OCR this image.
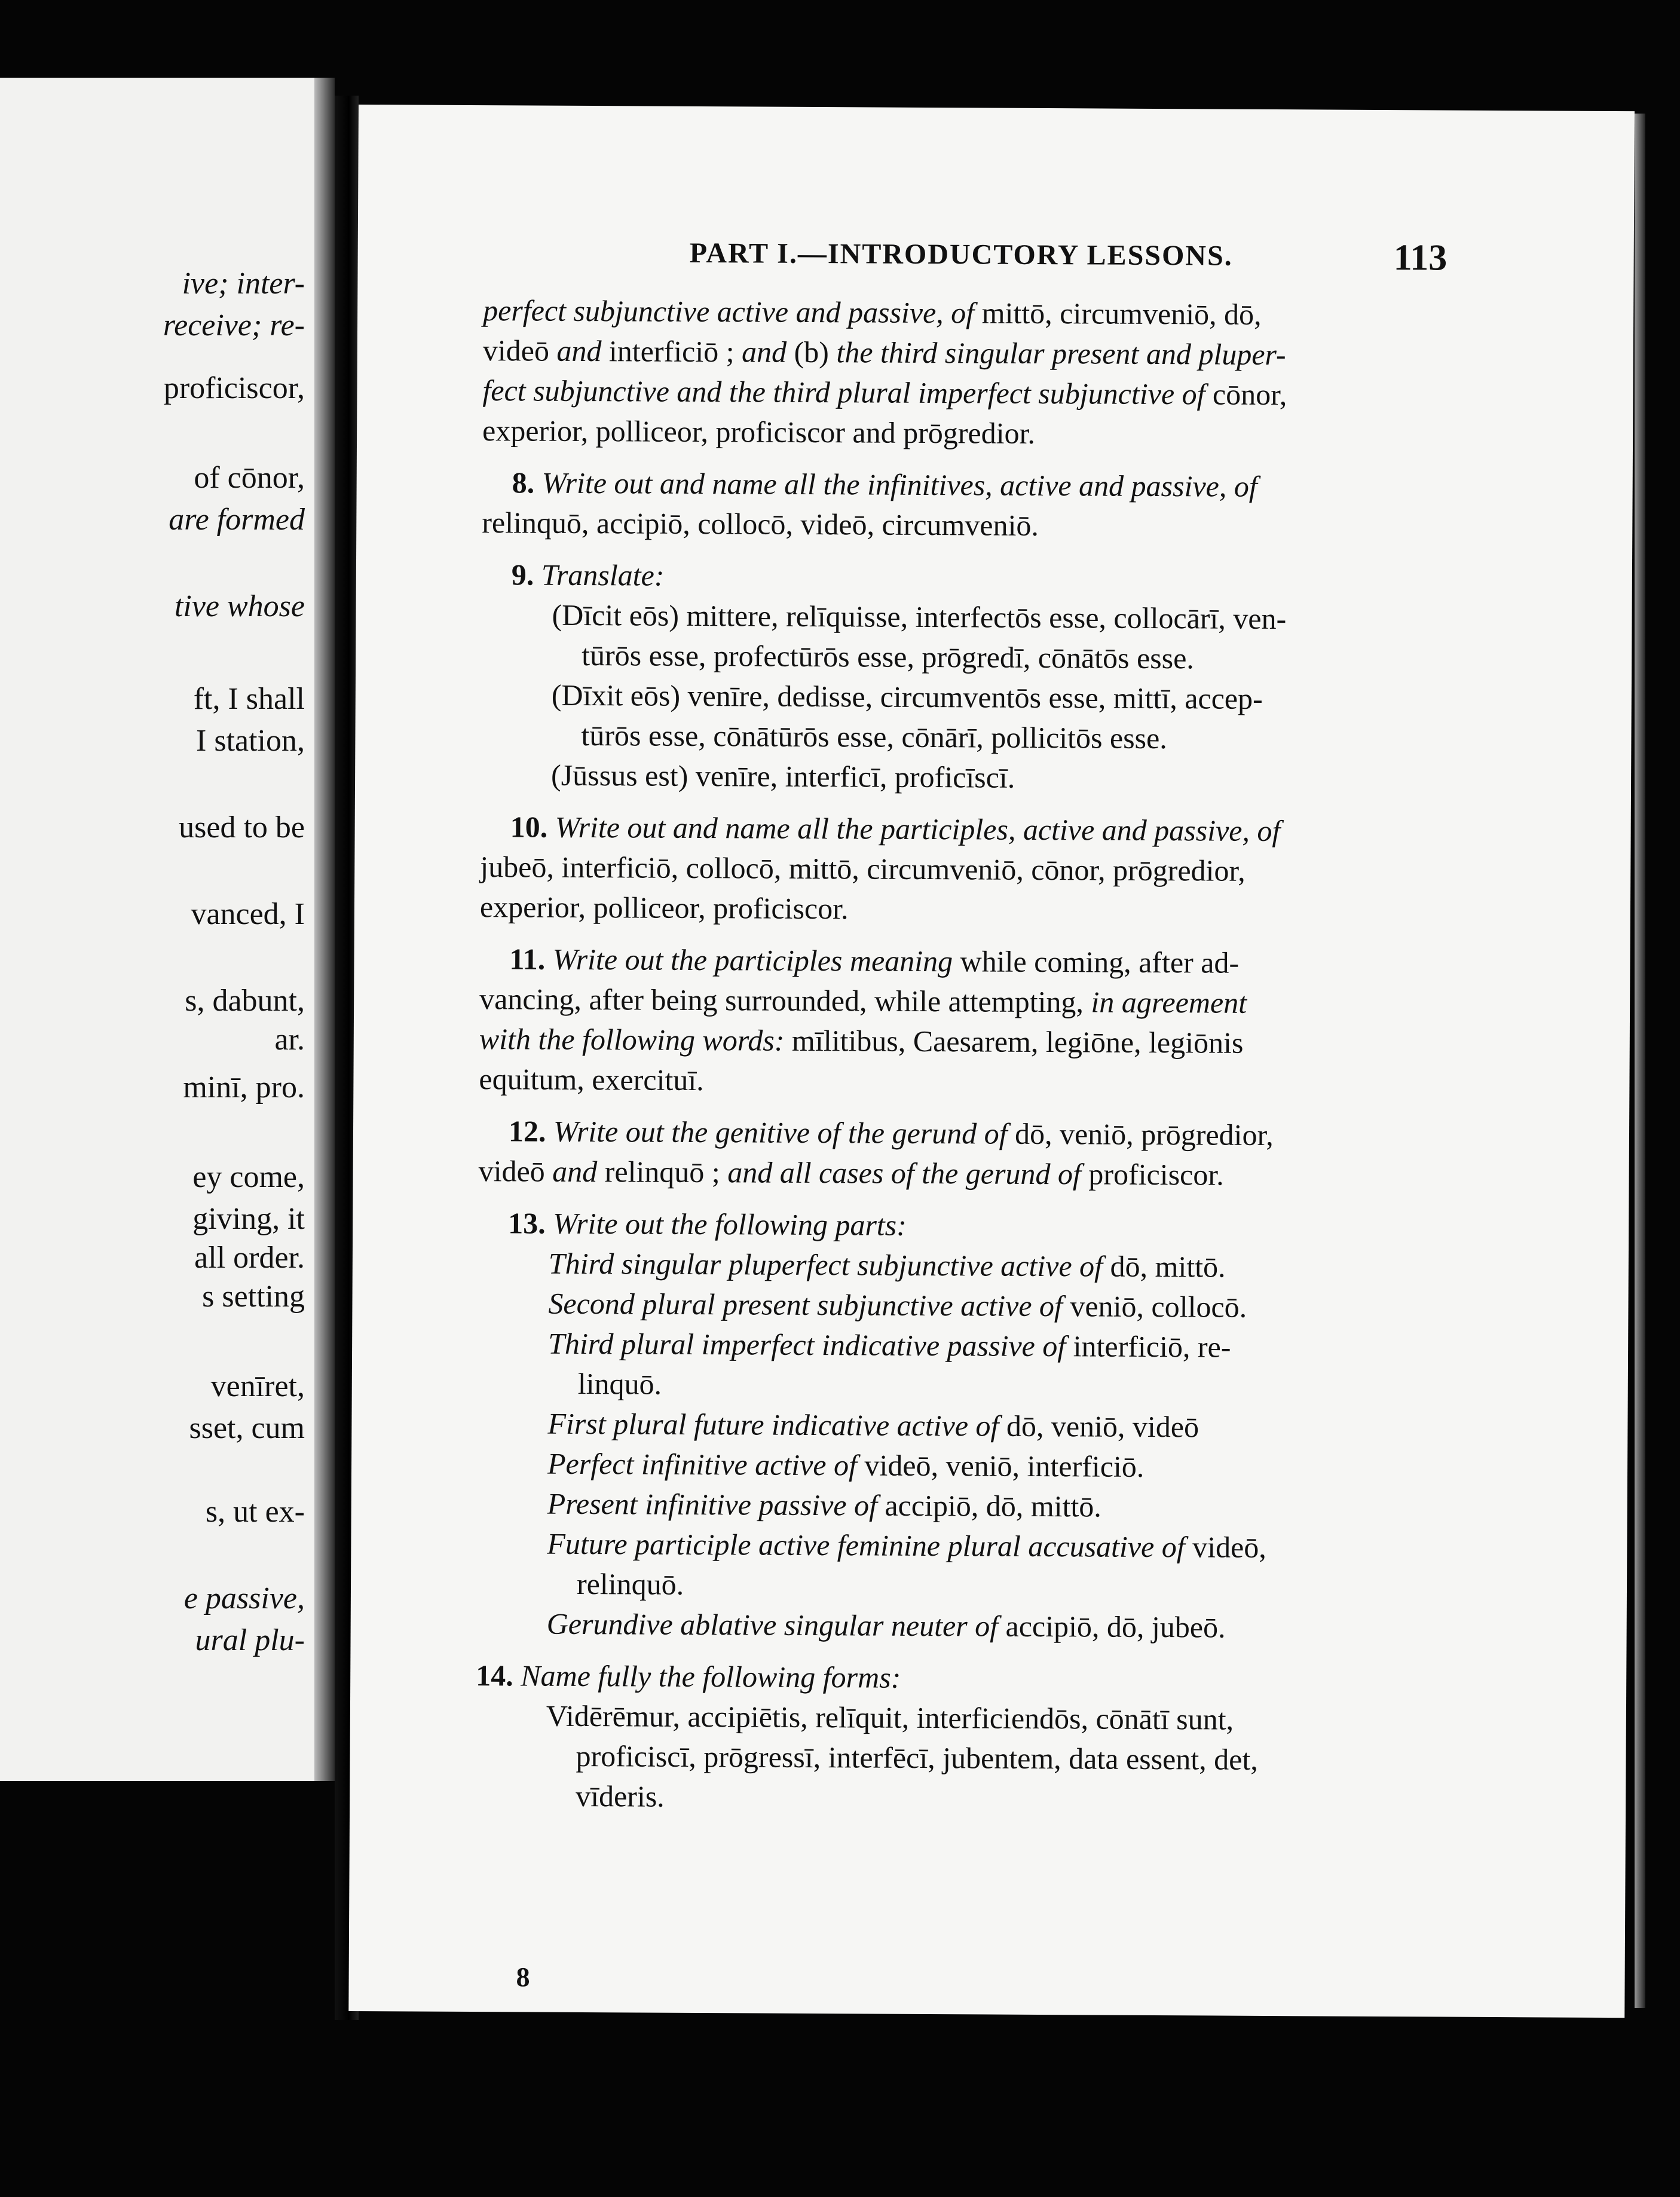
ive; inter-
receive; re-
proficiscor,
of cōnor,
are formed
tive whose
ft, I shall
I station,
used to be
vanced, I
s, dabunt,
ar.
minī, pro.
ey come,
giving, it
all order.
s setting
venīret,
sset, cum
s, ut ex-
e passive,
ural plu-
PART I.—INTRODUCTORY LESSONS.	113
perfect subjunctive active and passive, of mittō, circumveniō, dō,
videō and interficiō ; and (b) the third singular present and pluper-
fect subjunctive and the third plural imperfect subjunctive of cōnor,
experior, polliceor, proficiscor and prōgredior.
8. Write out and name all the infinitives, active and passive, of
relinquō, accipiō, collocō, videō, circumveniō.
9. Translate:
(Dīcit eōs) mittere, relīquisse, interfectōs esse, collocārī, ven-
tūrōs esse, profectūrōs esse, prōgredī, cōnātōs esse.
(Dīxit eōs) venīre, dedisse, circumventōs esse, mittī, accep-
tūrōs esse, cōnātūrōs esse, cōnārī, pollicitōs esse.
(Jūssus est) venīre, interficī, proficīscī.
10. Write out and name all the participles, active and passive, of
jubeō, interficiō, collocō, mittō, circumveniō, cōnor, prōgredior,
experior, polliceor, proficiscor.
11. Write out the participles meaning while coming, after ad-
vancing, after being surrounded, while attempting, in agreement
with the following words: mīlitibus, Caesarem, legiōne, legiōnis
equitum, exercituī.
12. Write out the genitive of the gerund of dō, veniō, prōgredior,
videō and relinquō ; and all cases of the gerund of proficiscor.
13. Write out the following parts:
Third singular pluperfect subjunctive active of dō, mittō.
Second plural present subjunctive active of veniō, collocō.
Third plural imperfect indicative passive of interficiō, re-
linquō.
First plural future indicative active of dō, veniō, videō
Perfect infinitive active of videō, veniō, interficiō.
Present infinitive passive of accipiō, dō, mittō.
Future participle active feminine plural accusative of videō,
relinquō.
Gerundive ablative singular neuter of accipiō, dō, jubeō.
14. Name fully the following forms:
Vidērēmur, accipiētis, relīquit, interficiendōs, cōnātī sunt,
proficiscī, prōgressī, interfēcī, jubentem, data essent, det,
vīderis.
8
